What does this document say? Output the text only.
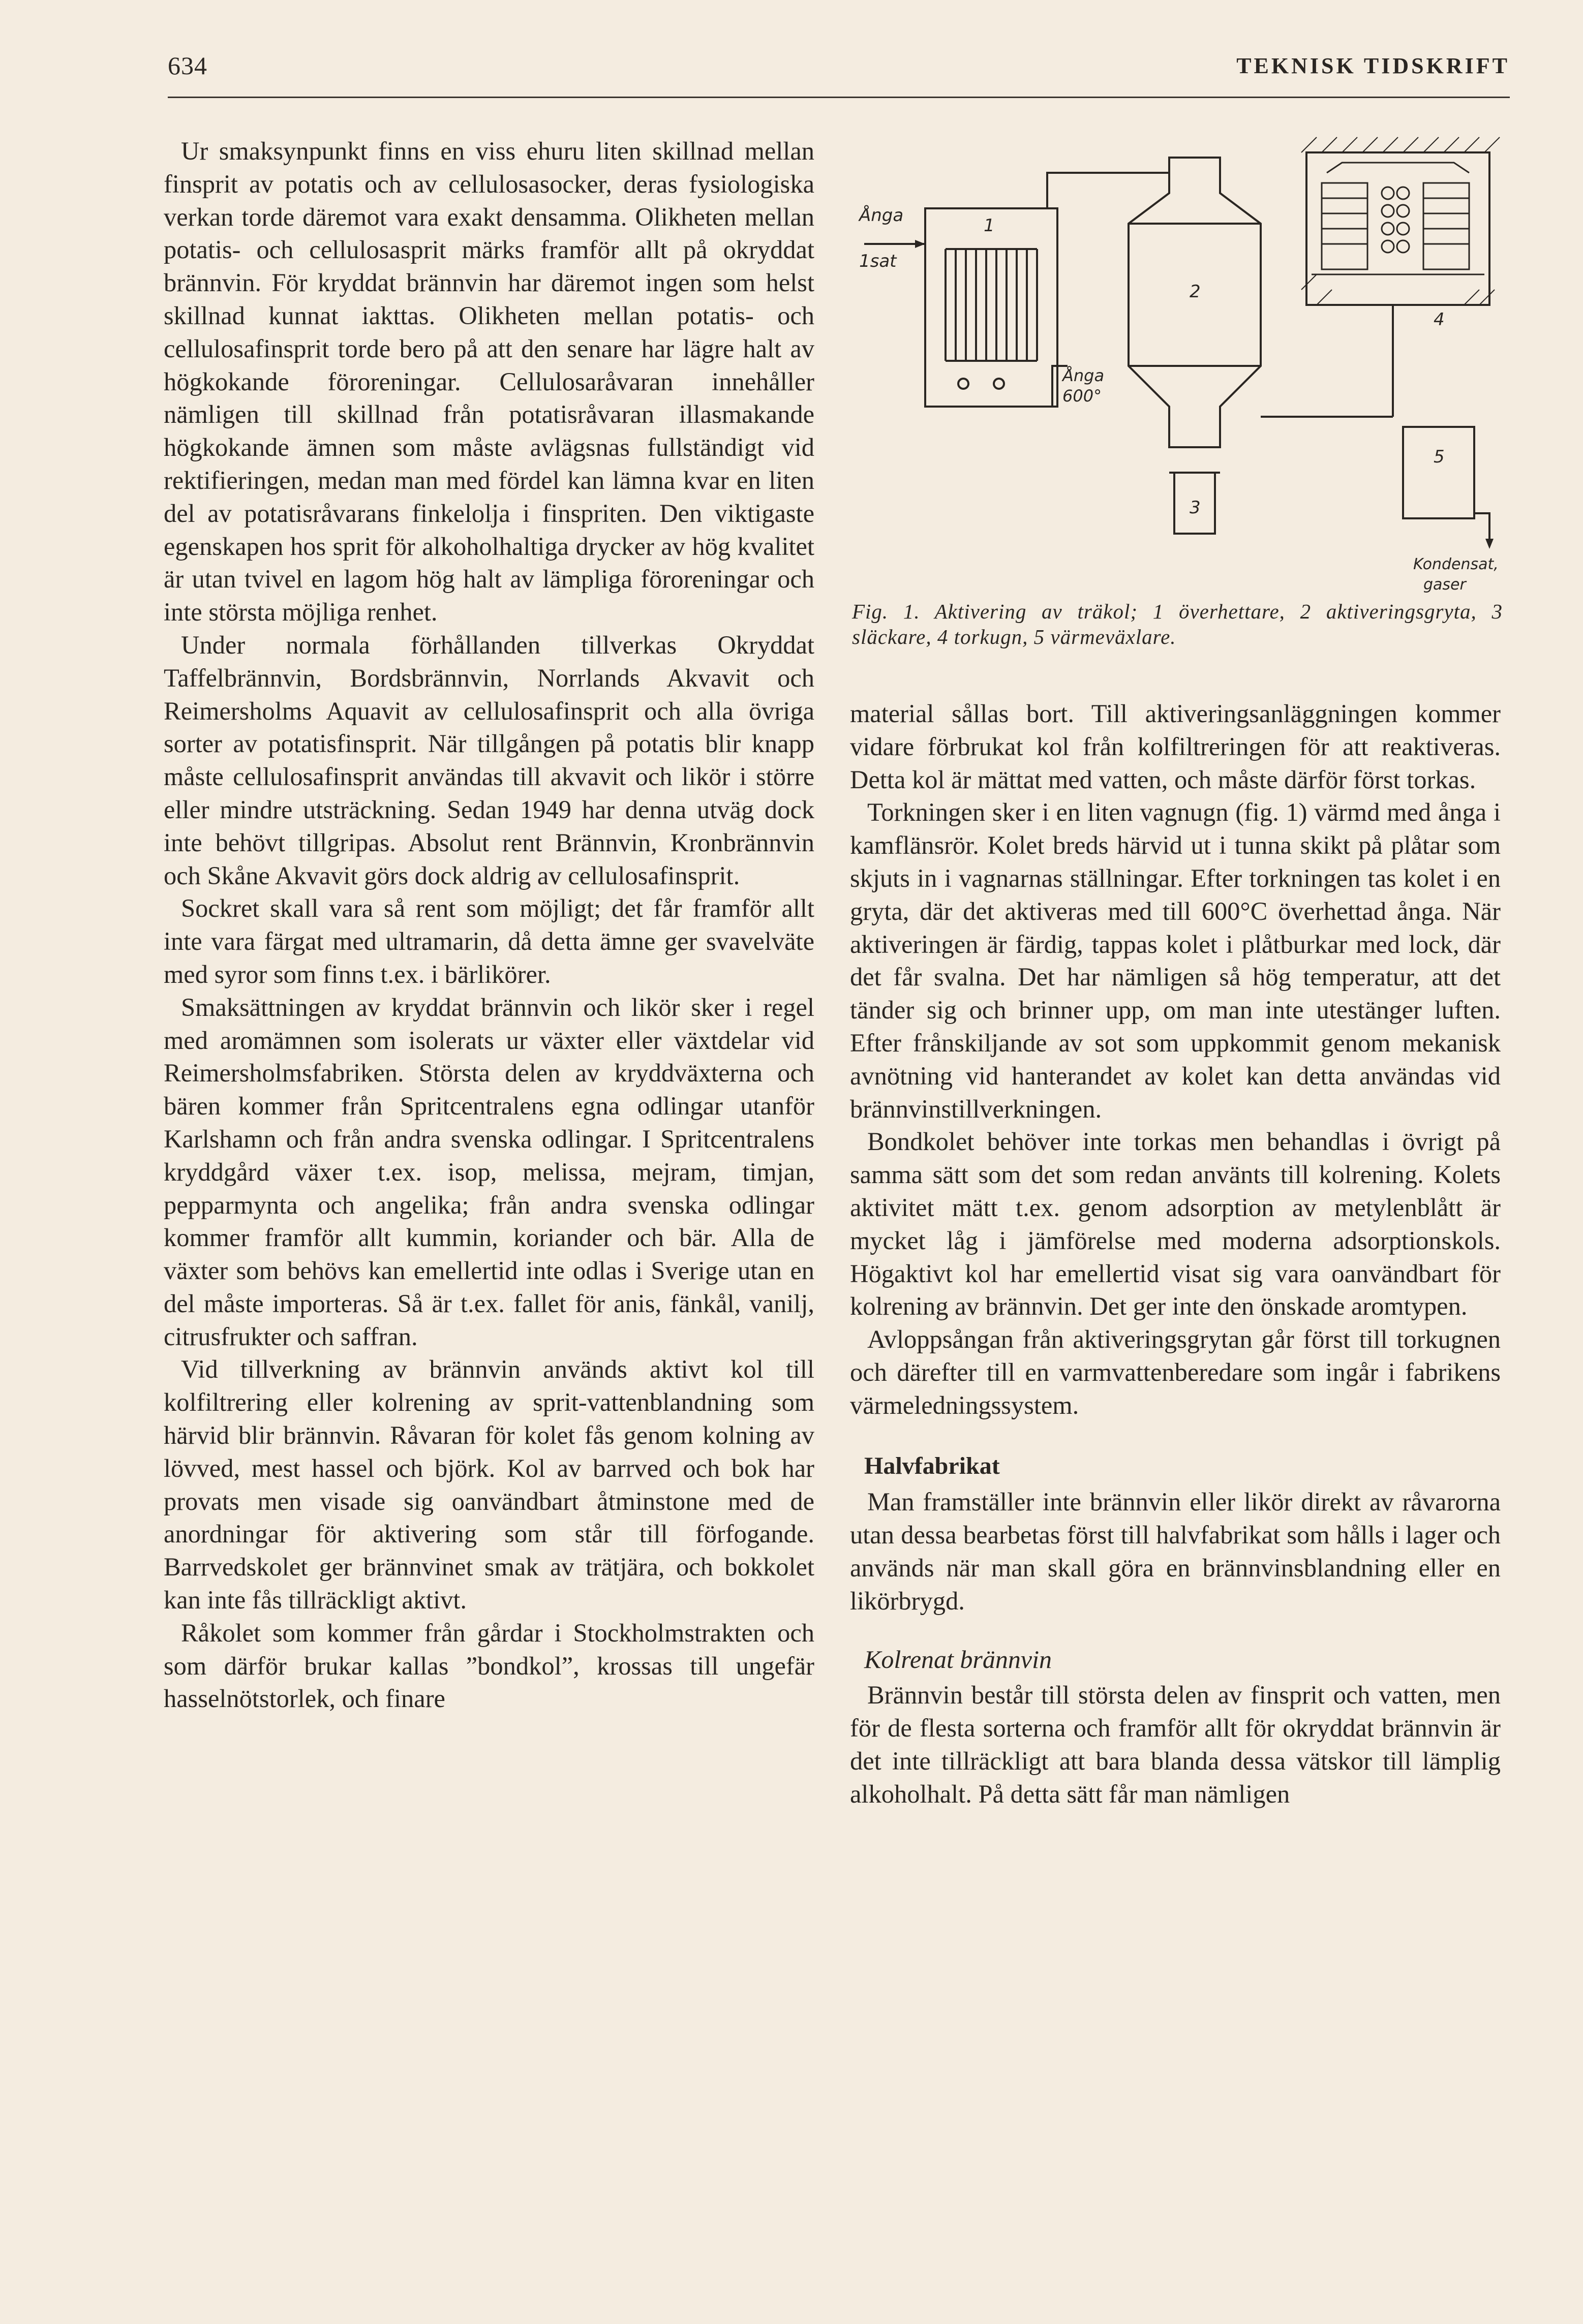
634	TEKNISK TIDSKRIFT

Ur smaksynpunkt finns en viss ehuru liten skillnad mellan finsprit av potatis och av cellulosasocker, deras fysiologiska verkan torde däremot vara exakt densamma. Olikheten mellan potatis- och cellulosasprit märks framför allt på okryddat brännvin. För kryddat brännvin har däremot ingen som helst skillnad kunnat iakttas. Olikheten mellan potatis- och cellulosafinsprit torde bero på att den senare har lägre halt av högkokande föroreningar. Cellulosaråvaran innehåller nämligen till skillnad från potatisråvaran illasmakande högkokande ämnen som måste avlägsnas fullständigt vid rektifieringen, medan man med fördel kan lämna kvar en liten del av potatisråvarans finkelolja i finspriten. Den viktigaste egenskapen hos sprit för alkoholhaltiga drycker av hög kvalitet är utan tvivel en lagom hög halt av lämpliga föroreningar och inte största möjliga renhet.

Under normala förhållanden tillverkas Okryddat Taffelbrännvin, Bordsbrännvin, Norrlands Akvavit och Reimersholms Aquavit av cellulosafinsprit och alla övriga sorter av potatisfinsprit. När tillgången på potatis blir knapp måste cellulosafinsprit användas till akvavit och likör i större eller mindre utsträckning. Sedan 1949 har denna utväg dock inte behövt tillgripas. Absolut rent Brännvin, Kronbrännvin och Skåne Akvavit görs dock aldrig av cellulosafinsprit.

Sockret skall vara så rent som möjligt; det får framför allt inte vara färgat med ultramarin, då detta ämne ger svavelväte med syror som finns t.ex. i bärlikörer.

Smaksättningen av kryddat brännvin och likör sker i regel med aromämnen som isolerats ur växter eller växtdelar vid Reimersholmsfabriken. Största delen av kryddväxterna och bären kommer från Spritcentralens egna odlingar utanför Karlshamn och från andra svenska odlingar. I Spritcentralens kryddgård växer t.ex. isop, melissa, mejram, timjan, pepparmynta och angelika; från andra svenska odlingar kommer framför allt kummin, koriander och bär. Alla de växter som behövs kan emellertid inte odlas i Sverige utan en del måste importeras. Så är t.ex. fallet för anis, fänkål, vanilj, citrusfrukter och saffran.

Vid tillverkning av brännvin används aktivt kol till kolfiltrering eller kolrening av sprit-vattenblandning som härvid blir brännvin. Råvaran för kolet fås genom kolning av lövved, mest hassel och björk. Kol av barrved och bok har provats men visade sig oanvändbart åtminstone med de anordningar för aktivering som står till förfogande. Barrvedskolet ger brännvinet smak av trätjära, och bokkolet kan inte fås tillräckligt aktivt.

Råkolet som kommer från gårdar i Stockholmstrakten och som därför brukar kallas ”bondkol”, krossas till ungefär hasselnötstorlek, och finare

Ånga
1sat
1
2
3
4
5
Ånga
600°
Kondensat,
gaser
Fig. 1. Aktivering av träkol; 1 överhettare, 2 aktiveringsgryta, 3 släckare, 4 torkugn, 5 värmeväxlare.

material sållas bort. Till aktiveringsanläggningen kommer vidare förbrukat kol från kolfiltreringen för att reaktiveras. Detta kol är mättat med vatten, och måste därför först torkas.

Torkningen sker i en liten vagnugn (fig. 1) värmd med ånga i kamflänsrör. Kolet breds härvid ut i tunna skikt på plåtar som skjuts in i vagnarnas ställningar. Efter torkningen tas kolet i en gryta, där det aktiveras med till 600°C överhettad ånga. När aktiveringen är färdig, tappas kolet i plåtburkar med lock, där det får svalna. Det har nämligen så hög temperatur, att det tänder sig och brinner upp, om man inte utestänger luften. Efter frånskiljande av sot som uppkommit genom mekanisk avnötning vid hanterandet av kolet kan detta användas vid brännvinstillverkningen.

Bondkolet behöver inte torkas men behandlas i övrigt på samma sätt som det som redan använts till kolrening. Kolets aktivitet mätt t.ex. genom adsorption av metylenblått är mycket låg i jämförelse med moderna adsorptionskols. Högaktivt kol har emellertid visat sig vara oanvändbart för kolrening av brännvin. Det ger inte den önskade aromtypen.

Avloppsångan från aktiveringsgrytan går först till torkugnen och därefter till en varmvattenberedare som ingår i fabrikens värmeledningssystem.

Halvfabrikat

Man framställer inte brännvin eller likör direkt av råvarorna utan dessa bearbetas först till halvfabrikat som hålls i lager och används när man skall göra en brännvinsblandning eller en likörbrygd.

Kolrenat brännvin

Brännvin består till största delen av finsprit och vatten, men för de flesta sorterna och framför allt för okryddat brännvin är det inte tillräckligt att bara blanda dessa vätskor till lämplig alkoholhalt. På detta sätt får man nämligen
